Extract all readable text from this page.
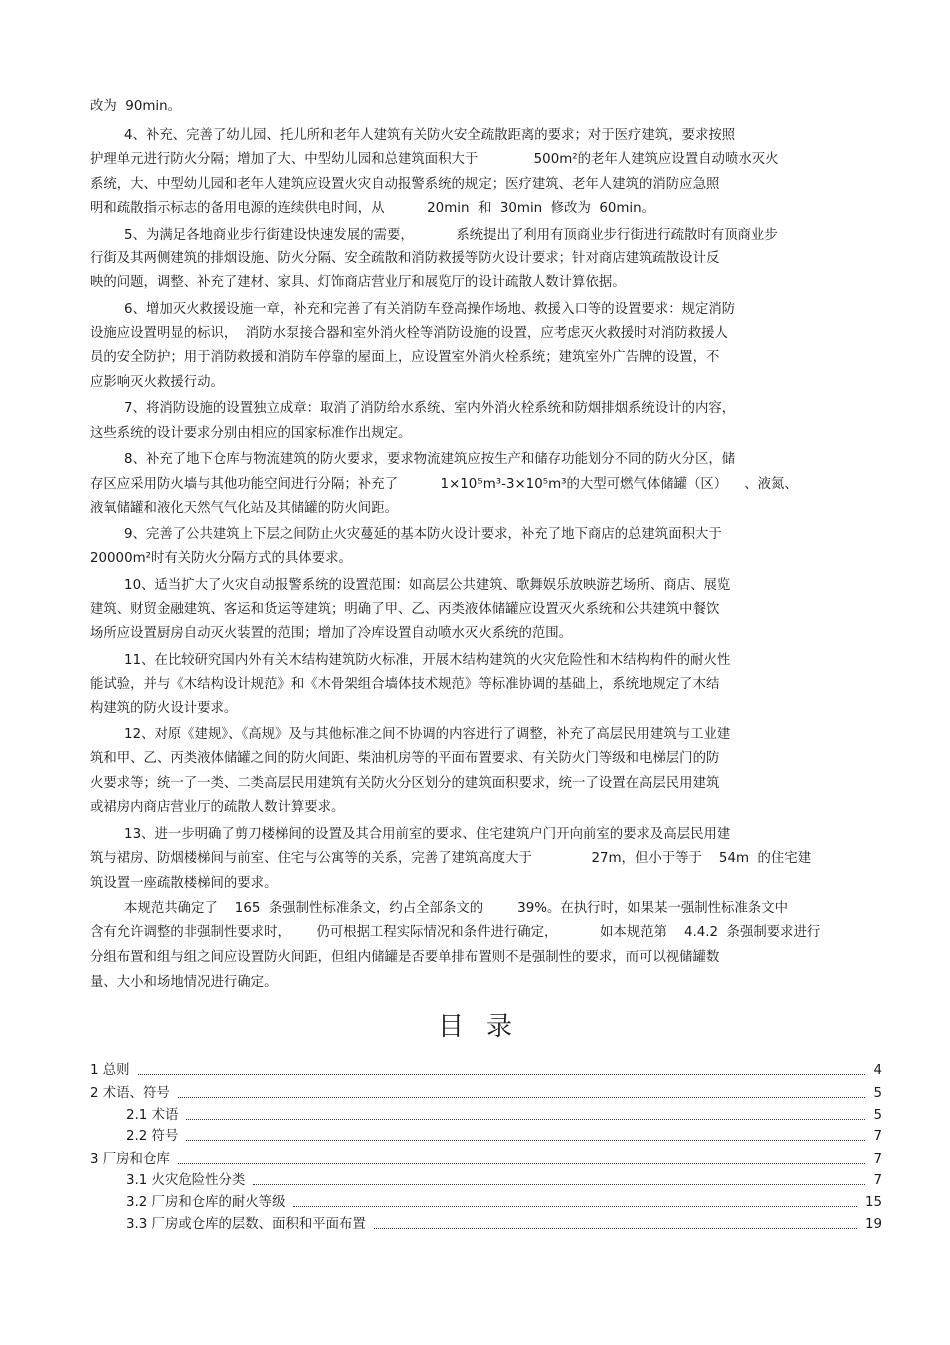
改为  90min。
4、补充、完善了幼儿园、托儿所和老年人建筑有关防火安全疏散距离的要求；对于医疗建筑，要求按照
护理单元进行防火分隔；增加了大、中型幼儿园和总建筑面积大于             500m²的老年人建筑应设置自动喷水灭火
系统，大、中型幼儿园和老年人建筑应设置火灾自动报警系统的规定；医疗建筑、老年人建筑的消防应急照
明和疏散指示标志的备用电源的连续供电时间，从          20min  和  30min  修改为  60min。
5、为满足各地商业步行街建设快速发展的需要，          系统提出了利用有顶商业步行街进行疏散时有顶商业步
行街及其两侧建筑的排烟设施、防火分隔、安全疏散和消防救援等防火设计要求；针对商店建筑疏散设计反
映的问题，调整、补充了建材、家具、灯饰商店营业厅和展览厅的设计疏散人数计算依据。
6、增加灭火救援设施一章，补充和完善了有关消防车登高操作场地、救援入口等的设置要求：规定消防
设施应设置明显的标识，  消防水泵接合器和室外消火栓等消防设施的设置，应考虑灭火救援时对消防救援人
员的安全防护；用于消防救援和消防车停靠的屋面上，应设置室外消火栓系统；建筑室外广告牌的设置，不
应影响灭火救援行动。
7、将消防设施的设置独立成章：取消了消防给水系统、室内外消火栓系统和防烟排烟系统设计的内容，
这些系统的设计要求分别由相应的国家标准作出规定。
8、补充了地下仓库与物流建筑的防火要求，要求物流建筑应按生产和储存功能划分不同的防火分区，储
存区应采用防火墙与其他功能空间进行分隔；补充了          1×10⁵m³-3×10⁵m³的大型可燃气体储罐（区）    、液氮、
液氧储罐和液化天然气气化站及其储罐的防火间距。
9、完善了公共建筑上下层之间防止火灾蔓延的基本防火设计要求，补充了地下商店的总建筑面积大于
20000m²时有关防火分隔方式的具体要求。
10、适当扩大了火灾自动报警系统的设置范围：如高层公共建筑、歌舞娱乐放映游艺场所、商店、展览
建筑、财贸金融建筑、客运和货运等建筑；明确了甲、乙、丙类液体储罐应设置灭火系统和公共建筑中餐饮
场所应设置厨房自动灭火装置的范围；增加了冷库设置自动喷水灭火系统的范围。
11、在比较研究国内外有关木结构建筑防火标准，开展木结构建筑的火灾危险性和木结构构件的耐火性
能试验，并与《木结构设计规范》和《木骨架组合墙体技术规范》等标准协调的基础上，系统地规定了木结
构建筑的防火设计要求。
12、对原《建规》、《高规》及与其他标准之间不协调的内容进行了调整，补充了高层民用建筑与工业建
筑和甲、乙、丙类液体储罐之间的防火间距、柴油机房等的平面布置要求、有关防火门等级和电梯层门的防
火要求等；统一了一类、二类高层民用建筑有关防火分区划分的建筑面积要求，统一了设置在高层民用建筑
或裙房内商店营业厅的疏散人数计算要求。
13、进一步明确了剪刀楼梯间的设置及其合用前室的要求、住宅建筑户门开向前室的要求及高层民用建
筑与裙房、防烟楼梯间与前室、住宅与公寓等的关系，完善了建筑高度大于              27m，但小于等于    54m  的住宅建
筑设置一座疏散楼梯间的要求。
本规范共确定了    165  条强制性标准条文，约占全部条文的        39%。在执行时，如果某一强制性标准条文中
含有允许调整的非强制性要求时，      仍可根据工程实际情况和条件进行确定，          如本规范第    4.4.2  条强制要求进行
分组布置和组与组之间应设置防火间距，但组内储罐是否要单排布置则不是强制性的要求，而可以视储罐数
量、大小和场地情况进行确定。
目录
1 总则	4
2 术语、符号	5
2.1 术语	5
2.2 符号	7
3 厂房和仓库	7
3.1 火灾危险性分类	7
3.2 厂房和仓库的耐火等级	15
3.3 厂房或仓库的层数、面积和平面布置	19
